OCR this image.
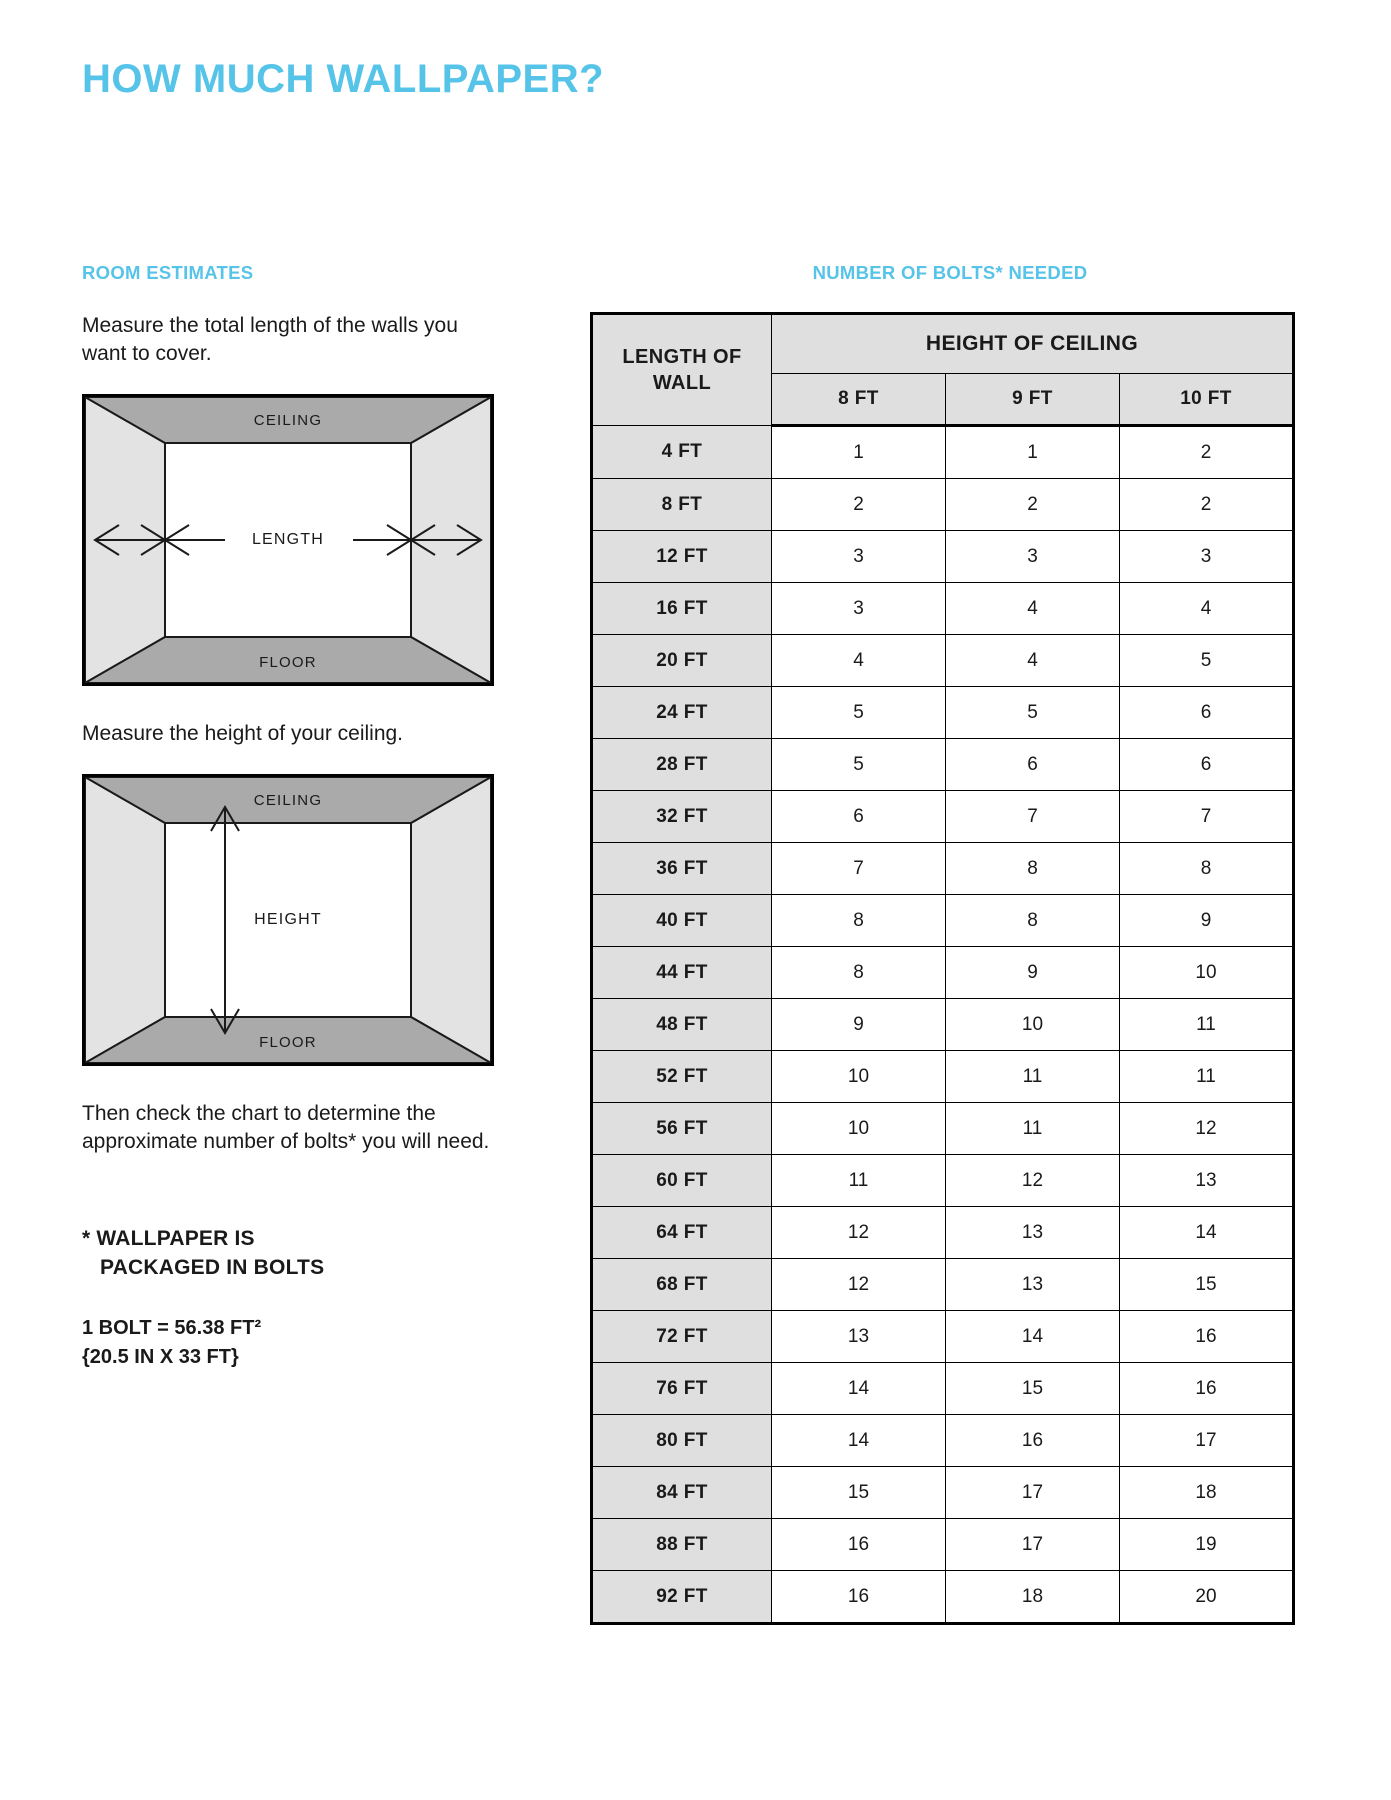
HOW MUCH WALLPAPER?

ROOM ESTIMATES

Measure the total length of the walls you want to cover.

CEILING
LENGTH
FLOOR

Measure the height of your ceiling.

CEILING
HEIGHT
FLOOR

Then check the chart to determine the approximate number of bolts* you will need.

* WALLPAPER IS
PACKAGED IN BOLTS
1 BOLT = 56.38 FT²
{20.5 IN X 33 FT}

NUMBER OF BOLTS* NEEDED

LENGTH OF WALL	HEIGHT OF CEILING		
	8 FT	9 FT	10 FT
4 FT	1	1	2
8 FT	2	2	2
12 FT	3	3	3
16 FT	3	4	4
20 FT	4	4	5
24 FT	5	5	6
28 FT	5	6	6
32 FT	6	7	7
36 FT	7	8	8
40 FT	8	8	9
44 FT	8	9	10
48 FT	9	10	11
52 FT	10	11	11
56 FT	10	11	12
60 FT	11	12	13
64 FT	12	13	14
68 FT	12	13	15
72 FT	13	14	16
76 FT	14	15	16
80 FT	14	16	17
84 FT	15	17	18
88 FT	16	17	19
92 FT	16	18	20
